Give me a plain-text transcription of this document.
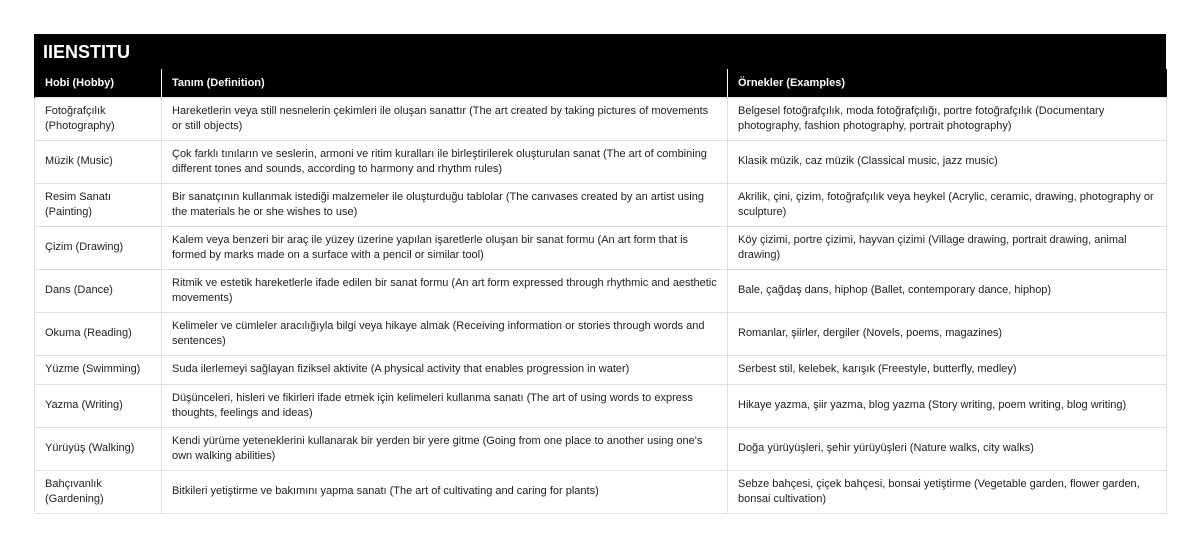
IIENSTITU
Hobi (Hobby)	Tanım (Definition)	Örnekler (Examples)
Fotoğrafçılık (Photography)	Hareketlerin veya still nesnelerin çekimleri ile oluşan sanattır (The art created by taking pictures of movements or still objects)	Belgesel fotoğrafçılık, moda fotoğrafçılığı, portre fotoğrafçılık (Documentary photography, fashion photography, portrait photography)
Müzik (Music)	Çok farklı tınıların ve seslerin, armoni ve ritim kuralları ile birleştirilerek oluşturulan sanat (The art of combining different tones and sounds, according to harmony and rhythm rules)	Klasik müzik, caz müzik (Classical music, jazz music)
Resim Sanatı (Painting)	Bir sanatçının kullanmak istediği malzemeler ile oluşturduğu tablolar (The canvases created by an artist using the materials he or she wishes to use)	Akrilik, çini, çizim, fotoğrafçılık veya heykel (Acrylic, ceramic, drawing, photography or sculpture)
Çizim (Drawing)	Kalem veya benzeri bir araç ile yüzey üzerine yapılan işaretlerle oluşan bir sanat formu (An art form that is formed by marks made on a surface with a pencil or similar tool)	Köy çizimi, portre çizimi, hayvan çizimi (Village drawing, portrait drawing, animal drawing)
Dans (Dance)	Ritmik ve estetik hareketlerle ifade edilen bir sanat formu (An art form expressed through rhythmic and aesthetic movements)	Bale, çağdaş dans, hiphop (Ballet, contemporary dance, hiphop)
Okuma (Reading)	Kelimeler ve cümleler aracılığıyla bilgi veya hikaye almak (Receiving information or stories through words and sentences)	Romanlar, şiirler, dergiler (Novels, poems, magazines)
Yüzme (Swimming)	Suda ilerlemeyi sağlayan fiziksel aktivite (A physical activity that enables progression in water)	Serbest stil, kelebek, karışık (Freestyle, butterfly, medley)
Yazma (Writing)	Düşünceleri, hisleri ve fikirleri ifade etmek için kelimeleri kullanma sanatı (The art of using words to express thoughts, feelings and ideas)	Hikaye yazma, şiir yazma, blog yazma (Story writing, poem writing, blog writing)
Yürüyüş (Walking)	Kendi yürüme yeteneklerini kullanarak bir yerden bir yere gitme (Going from one place to another using one's own walking abilities)	Doğa yürüyüşleri, şehir yürüyüşleri (Nature walks, city walks)
Bahçıvanlık (Gardening)	Bitkileri yetiştirme ve bakımını yapma sanatı (The art of cultivating and caring for plants)	Sebze bahçesi, çiçek bahçesi, bonsai yetiştirme (Vegetable garden, flower garden, bonsai cultivation)
